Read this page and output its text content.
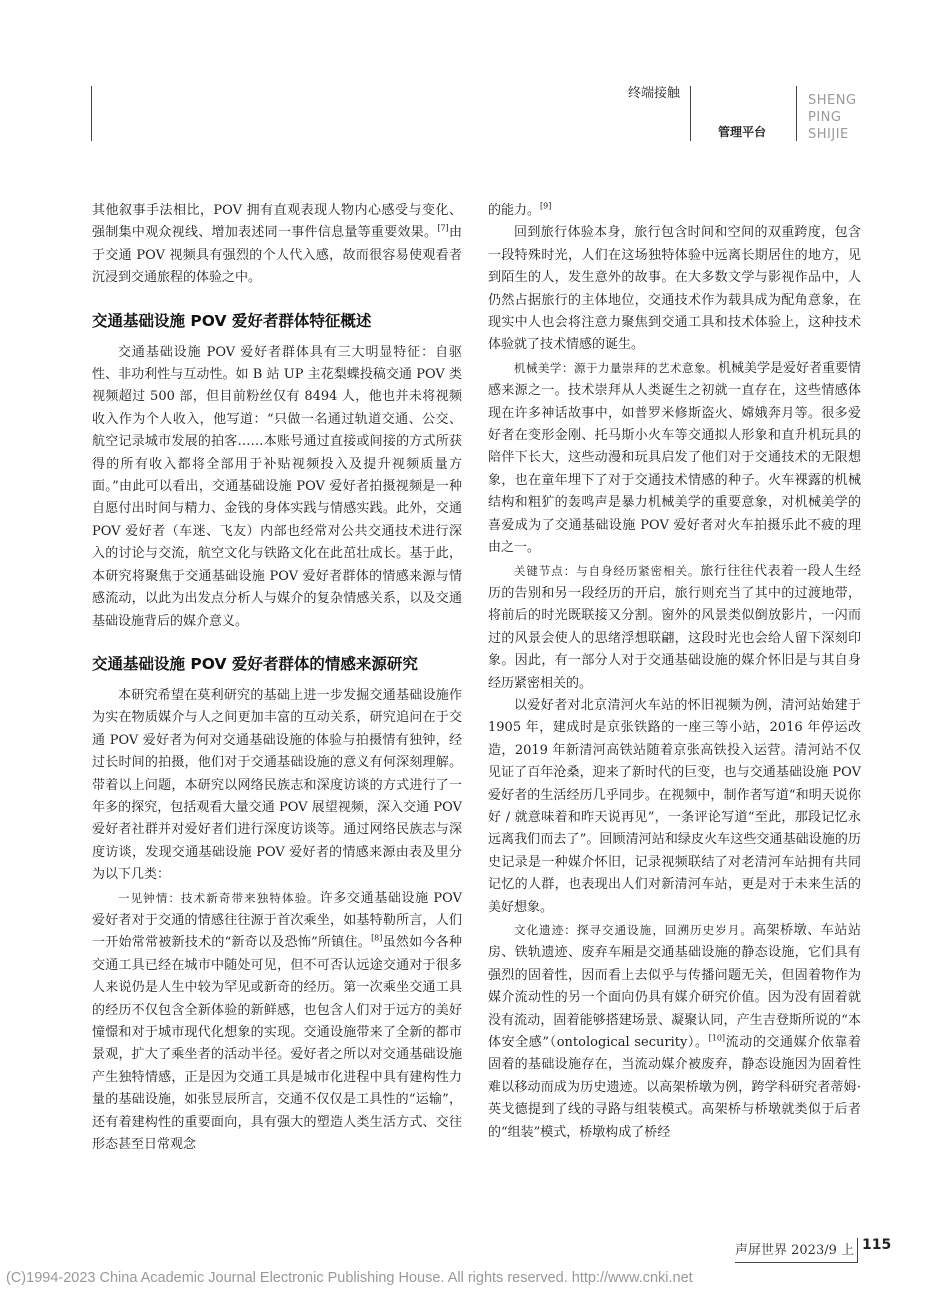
终端接触
管理平台
SHENG
PING
SHIJIE

其他叙事手法相比，POV 拥有直观表现人物内心感受与变化、强制集中观众视线、增加表述同一事件信息量等重要效果。[7]由于交通 POV 视频具有强烈的个人代入感，故而很容易使观看者沉浸到交通旅程的体验之中。

交通基础设施 POV 爱好者群体特征概述

交通基础设施 POV 爱好者群体具有三大明显特征：自驱性、非功利性与互动性。如 B 站 UP 主花梨蝶投稿交通 POV 类视频超过 500 部，但目前粉丝仅有 8494 人，他也并未将视频收入作为个人收入，他写道：“只做一名通过轨道交通、公交、航空记录城市发展的拍客……本账号通过直接或间接的方式所获得的所有收入都将全部用于补贴视频投入及提升视频质量方面。”由此可以看出，交通基础设施 POV 爱好者拍摄视频是一种自愿付出时间与精力、金钱的身体实践与情感实践。此外，交通 POV 爱好者（车迷、飞友）内部也经常对公共交通技术进行深入的讨论与交流，航空文化与铁路文化在此茁壮成长。基于此，本研究将聚焦于交通基础设施 POV 爱好者群体的情感来源与情感流动，以此为出发点分析人与媒介的复杂情感关系，以及交通基础设施背后的媒介意义。

交通基础设施 POV 爱好者群体的情感来源研究

本研究希望在莫利研究的基础上进一步发掘交通基础设施作为实在物质媒介与人之间更加丰富的互动关系，研究追问在于交通 POV 爱好者为何对交通基础设施的体验与拍摄情有独钟，经过长时间的拍摄，他们对于交通基础设施的意义有何深刻理解。带着以上问题，本研究以网络民族志和深度访谈的方式进行了一年多的探究，包括观看大量交通 POV 展望视频，深入交通 POV 爱好者社群并对爱好者们进行深度访谈等。通过网络民族志与深度访谈，发现交通基础设施 POV 爱好者的情感来源由表及里分为以下几类：

一见钟情：技术新奇带来独特体验。许多交通基础设施 POV 爱好者对于交通的情感往往源于首次乘坐，如基特勒所言，人们一开始常常被新技术的“新奇以及恐怖”所镇住。[8]虽然如今各种交通工具已经在城市中随处可见，但不可否认远途交通对于很多人来说仍是人生中较为罕见或新奇的经历。第一次乘坐交通工具的经历不仅包含全新体验的新鲜感，也包含人们对于远方的美好憧憬和对于城市现代化想象的实现。交通设施带来了全新的都市景观，扩大了乘坐者的活动半径。爱好者之所以对交通基础设施产生独特情感，正是因为交通工具是城市化进程中具有建构性力量的基础设施，如张昱辰所言，交通不仅仅是工具性的“运输”，还有着建构性的重要面向，具有强大的塑造人类生活方式、交往形态甚至日常观念

的能力。[9]

回到旅行体验本身，旅行包含时间和空间的双重跨度，包含一段特殊时光，人们在这场独特体验中远离长期居住的地方，见到陌生的人，发生意外的故事。在大多数文学与影视作品中，人仍然占据旅行的主体地位，交通技术作为载具成为配角意象，在现实中人也会将注意力聚焦到交通工具和技术体验上，这种技术体验就了技术情感的诞生。

机械美学：源于力量崇拜的艺术意象。机械美学是爱好者重要情感来源之一。技术崇拜从人类诞生之初就一直存在，这些情感体现在许多神话故事中，如普罗米修斯盗火、嫦娥奔月等。很多爱好者在变形金刚、托马斯小火车等交通拟人形象和直升机玩具的陪伴下长大，这些动漫和玩具启发了他们对于交通技术的无限想象，也在童年埋下了对于交通技术情感的种子。火车裸露的机械结构和粗犷的轰鸣声是暴力机械美学的重要意象，对机械美学的喜爱成为了交通基础设施 POV 爱好者对火车拍摄乐此不疲的理由之一。

关键节点：与自身经历紧密相关。旅行往往代表着一段人生经历的告别和另一段经历的开启，旅行则充当了其中的过渡地带，将前后的时光既联接又分割。窗外的风景类似倒放影片，一闪而过的风景会使人的思绪浮想联翩，这段时光也会给人留下深刻印象。因此，有一部分人对于交通基础设施的媒介怀旧是与其自身经历紧密相关的。

以爱好者对北京清河火车站的怀旧视频为例，清河站始建于 1905 年，建成时是京张铁路的一座三等小站，2016 年停运改造，2019 年新清河高铁站随着京张高铁投入运营。清河站不仅见证了百年沧桑，迎来了新时代的巨变，也与交通基础设施 POV 爱好者的生活经历几乎同步。在视频中，制作者写道“和明天说你好 / 就意味着和昨天说再见”，一条评论写道“至此，那段记忆永远离我们而去了”。回顾清河站和绿皮火车这些交通基础设施的历史记录是一种媒介怀旧，记录视频联结了对老清河车站拥有共同记忆的人群，也表现出人们对新清河车站，更是对于未来生活的美好想象。

文化遗迹：探寻交通设施，回溯历史岁月。高架桥墩、车站站房、铁轨遗迹、废弃车厢是交通基础设施的静态设施，它们具有强烈的固着性，因而看上去似乎与传播问题无关，但固着物作为媒介流动性的另一个面向仍具有媒介研究价值。因为没有固着就没有流动，固着能够搭建场景、凝聚认同，产生吉登斯所说的“本体安全感”（ontological security）。[10]流动的交通媒介依靠着固着的基础设施存在，当流动媒介被废弃，静态设施因为固着性难以移动而成为历史遗迹。以高架桥墩为例，跨学科研究者蒂姆·英戈德提到了线的寻路与组装模式。高架桥与桥墩就类似于后者的“组装”模式，桥墩构成了桥经

声屏世界 2023/9 上 115
(C)1994-2023 China Academic Journal Electronic Publishing House. All rights reserved. http://www.cnki.net
